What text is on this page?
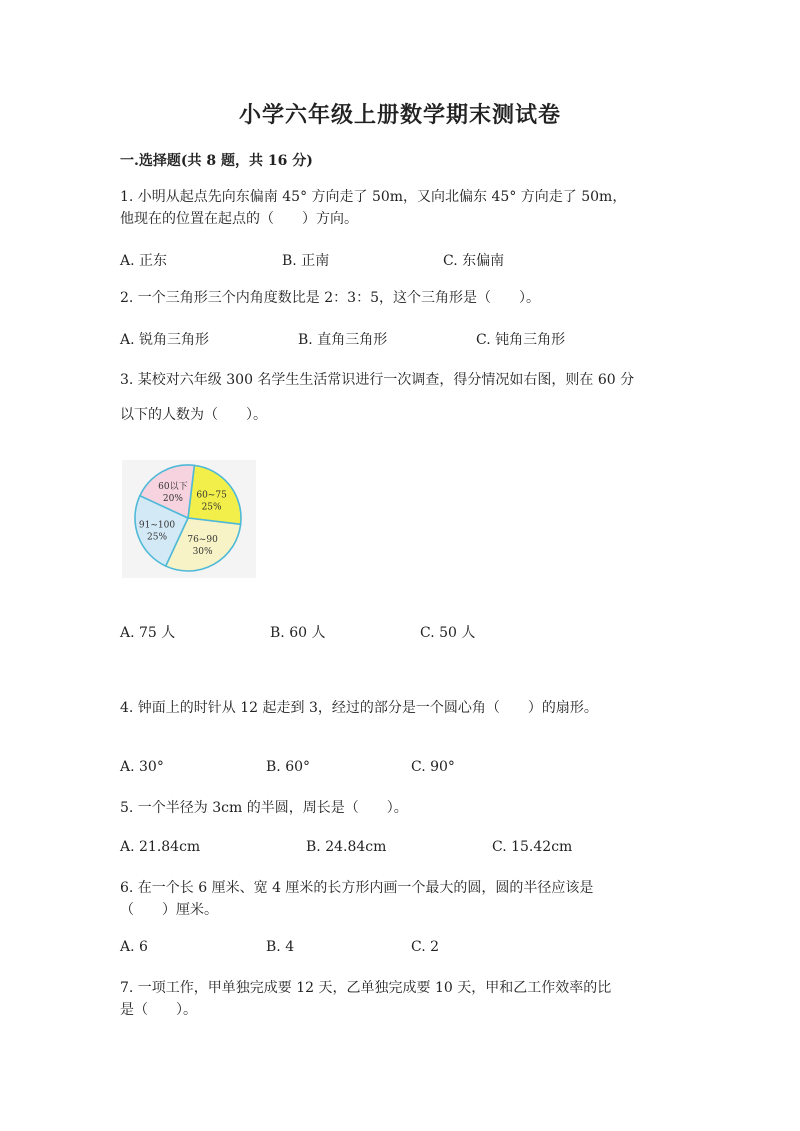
小学六年级上册数学期末测试卷
一.选择题(共 8 题，共 16 分)
1. 小明从起点先向东偏南 45° 方向走了 50m，又向北偏东 45° 方向走了 50m，
他现在的位置在起点的（　　）方向。
A. 正东	B. 正南	C. 东偏南
2. 一个三角形三个内角度数比是 2：3：5，这个三角形是（　　）。
A. 锐角三角形	B. 直角三角形	C. 钝角三角形
3. 某校对六年级 300 名学生生活常识进行一次调查，得分情况如右图，则在 60 分
以下的人数为（　　）。
60~75
25%
76~90
30%
91~100
25%
60以下
20%
A. 75 人	B. 60 人	C. 50 人
4. 钟面上的时针从 12 起走到 3，经过的部分是一个圆心角（　　）的扇形。
A. 30°	B. 60°	C. 90°
5. 一个半径为 3cm 的半圆，周长是（　　）。
A. 21.84cm	B. 24.84cm	C. 15.42cm
6. 在一个长 6 厘米、宽 4 厘米的长方形内画一个最大的圆，圆的半径应该是
（　　）厘米。
A. 6	B. 4	C. 2
7. 一项工作，甲单独完成要 12 天，乙单独完成要 10 天，甲和乙工作效率的比
是（　　）。
